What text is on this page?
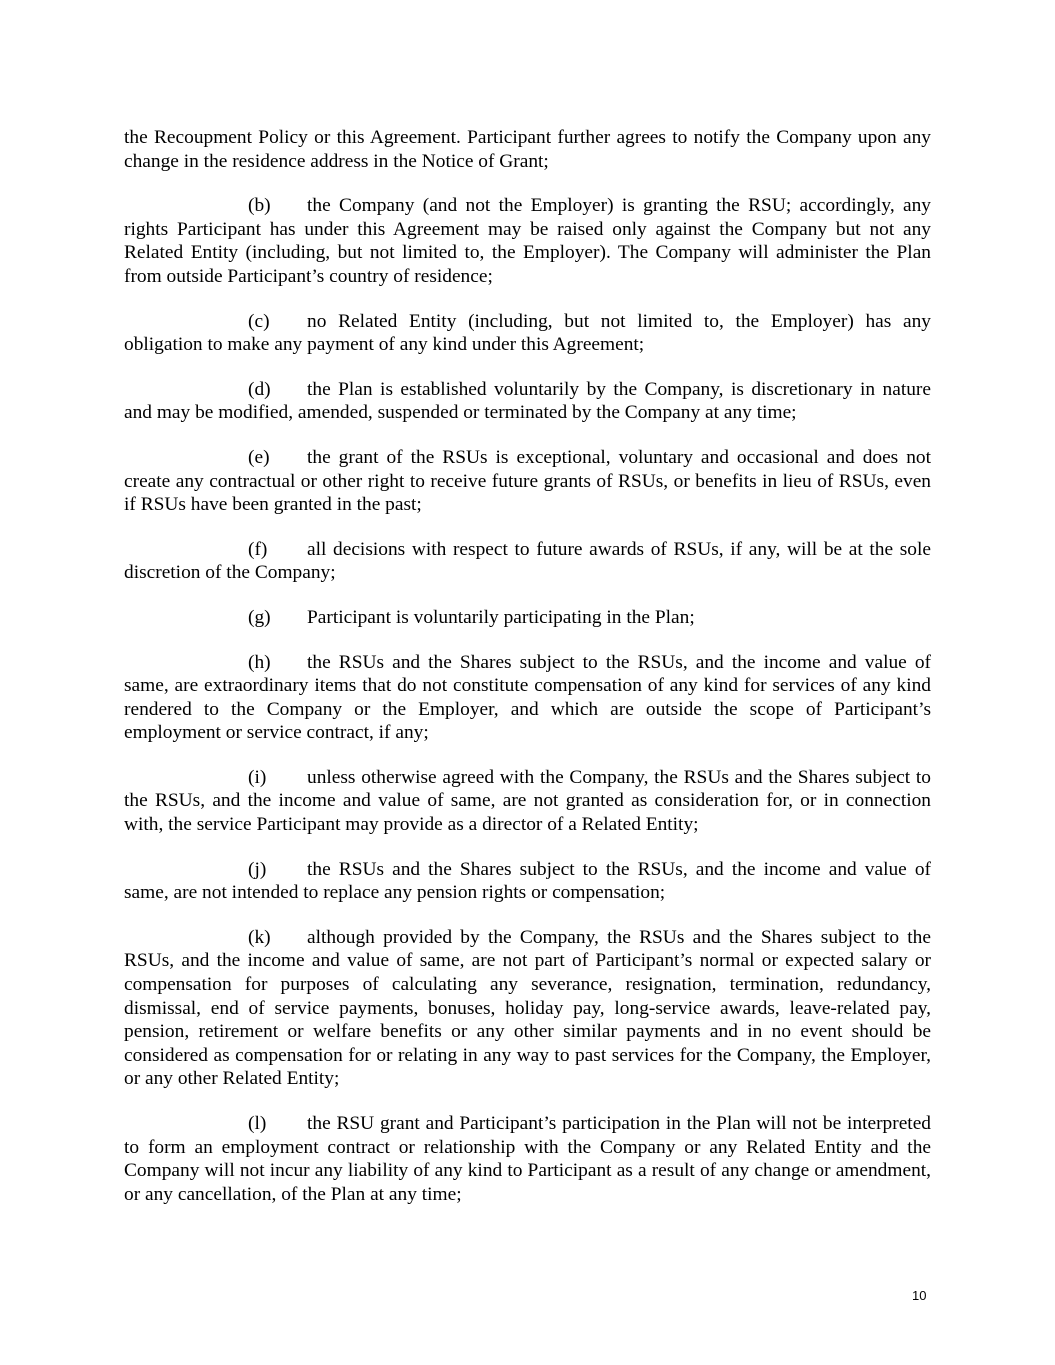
the Recoupment Policy or this Agreement. Participant further agrees to notify the Company upon any change in the residence address in the Notice of Grant;

(b) the Company (and not the Employer) is granting the RSU; accordingly, any rights Participant has under this Agreement may be raised only against the Company but not any Related Entity (including, but not limited to, the Employer). The Company will administer the Plan from outside Participant’s country of residence;

(c) no Related Entity (including, but not limited to, the Employer) has any obligation to make any payment of any kind under this Agreement;

(d) the Plan is established voluntarily by the Company, is discretionary in nature and may be modified, amended, suspended or terminated by the Company at any time;

(e) the grant of the RSUs is exceptional, voluntary and occasional and does not create any contractual or other right to receive future grants of RSUs, or benefits in lieu of RSUs, even if RSUs have been granted in the past;

(f) all decisions with respect to future awards of RSUs, if any, will be at the sole discretion of the Company;

(g) Participant is voluntarily participating in the Plan;

(h) the RSUs and the Shares subject to the RSUs, and the income and value of same, are extraordinary items that do not constitute compensation of any kind for services of any kind rendered to the Company or the Employer, and which are outside the scope of Participant’s employment or service contract, if any;

(i) unless otherwise agreed with the Company, the RSUs and the Shares subject to the RSUs, and the income and value of same, are not granted as consideration for, or in connection with, the service Participant may provide as a director of a Related Entity;

(j) the RSUs and the Shares subject to the RSUs, and the income and value of same, are not intended to replace any pension rights or compensation;

(k) although provided by the Company, the RSUs and the Shares subject to the RSUs, and the income and value of same, are not part of Participant’s normal or expected salary or compensation for purposes of calculating any severance, resignation, termination, redundancy, dismissal, end of service payments, bonuses, holiday pay, long-service awards, leave-related pay, pension, retirement or welfare benefits or any other similar payments and in no event should be considered as compensation for or relating in any way to past services for the Company, the Employer, or any other Related Entity;

(l) the RSU grant and Participant’s participation in the Plan will not be interpreted to form an employment contract or relationship with the Company or any Related Entity and the Company will not incur any liability of any kind to Participant as a result of any change or amendment, or any cancellation, of the Plan at any time;

10
